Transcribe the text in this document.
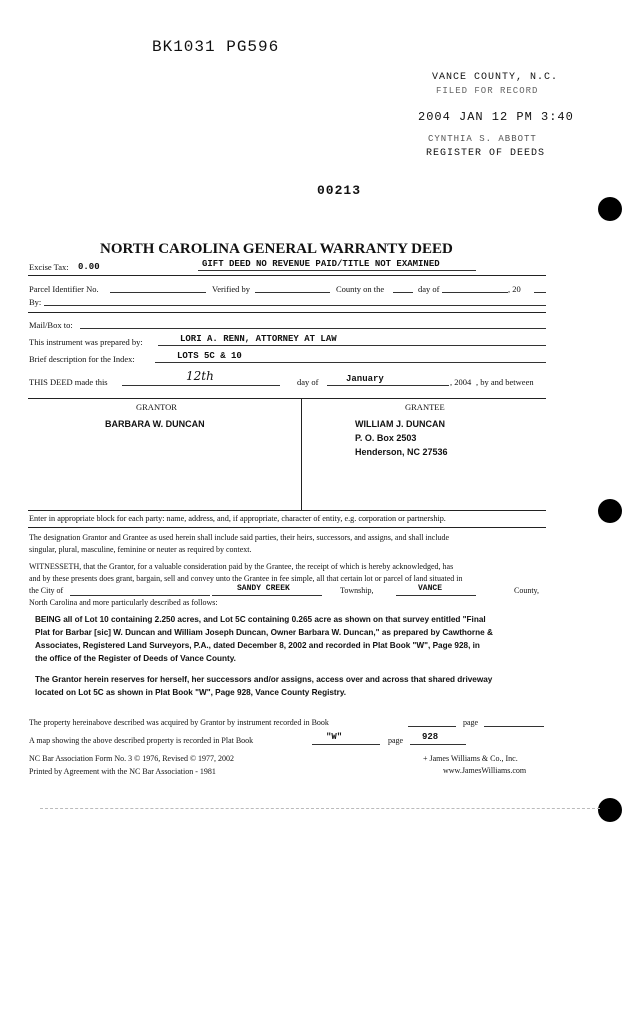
BK1031 PG596
VANCE COUNTY, N.C.
FILED FOR RECORD
2004 JAN 12 PM 3:40
CYNTHIA S. ABBOTT
REGISTER OF DEEDS
00213
NORTH CAROLINA GENERAL WARRANTY DEED
Excise Tax: 0.00	GIFT DEED NO REVENUE PAID/TITLE NOT EXAMINED
Parcel Identifier No.	Verified by	County on the	day of	, 20
By:
Mail/Box to:
This instrument was prepared by:	LORI A. RENN, ATTORNEY AT LAW
Brief description for the Index:	LOTS 5C & 10
THIS DEED made this	12th	day of	January	, 2004 , by and between
GRANTOR	GRANTEE
BARBARA W. DUNCAN	WILLIAM J. DUNCAN
P. O. Box 2503
Henderson, NC 27536
Enter in appropriate block for each party: name, address, and, if appropriate, character of entity, e.g. corporation or partnership.
The designation Grantor and Grantee as used herein shall include said parties, their heirs, successors, and assigns, and shall include
singular, plural, masculine, feminine or neuter as required by context.
WITNESSETH, that the Grantor, for a valuable consideration paid by the Grantee, the receipt of which is hereby acknowledged, has
and by these presents does grant, bargain, sell and convey unto the Grantee in fee simple, all that certain lot or parcel of land situated in
the City of	SANDY CREEK	Township,	VANCE	County,
North Carolina and more particularly described as follows:
BEING all of Lot 10 containing 2.250 acres, and Lot 5C containing 0.265 acre as shown on that survey entitled "Final
Plat for Barbar [sic] W. Duncan and William Joseph Duncan, Owner Barbara W. Duncan," as prepared by Cawthorne &
Associates, Registered Land Surveyors, P.A., dated December 8, 2002 and recorded in Plat Book "W", Page 928, in
the office of the Register of Deeds of Vance County.
The Grantor herein reserves for herself, her successors and/or assigns, access over and across that shared driveway
located on Lot 5C as shown in Plat Book "W", Page 928, Vance County Registry.
The property hereinabove described was acquired by Grantor by instrument recorded in Book	page
A map showing the above described property is recorded in Plat Book	"W"	page 928
NC Bar Association Form No. 3 © 1976, Revised © 1977, 2002
Printed by Agreement with the NC Bar Association - 1981
+ James Williams & Co., Inc.
www.JamesWilliams.com
